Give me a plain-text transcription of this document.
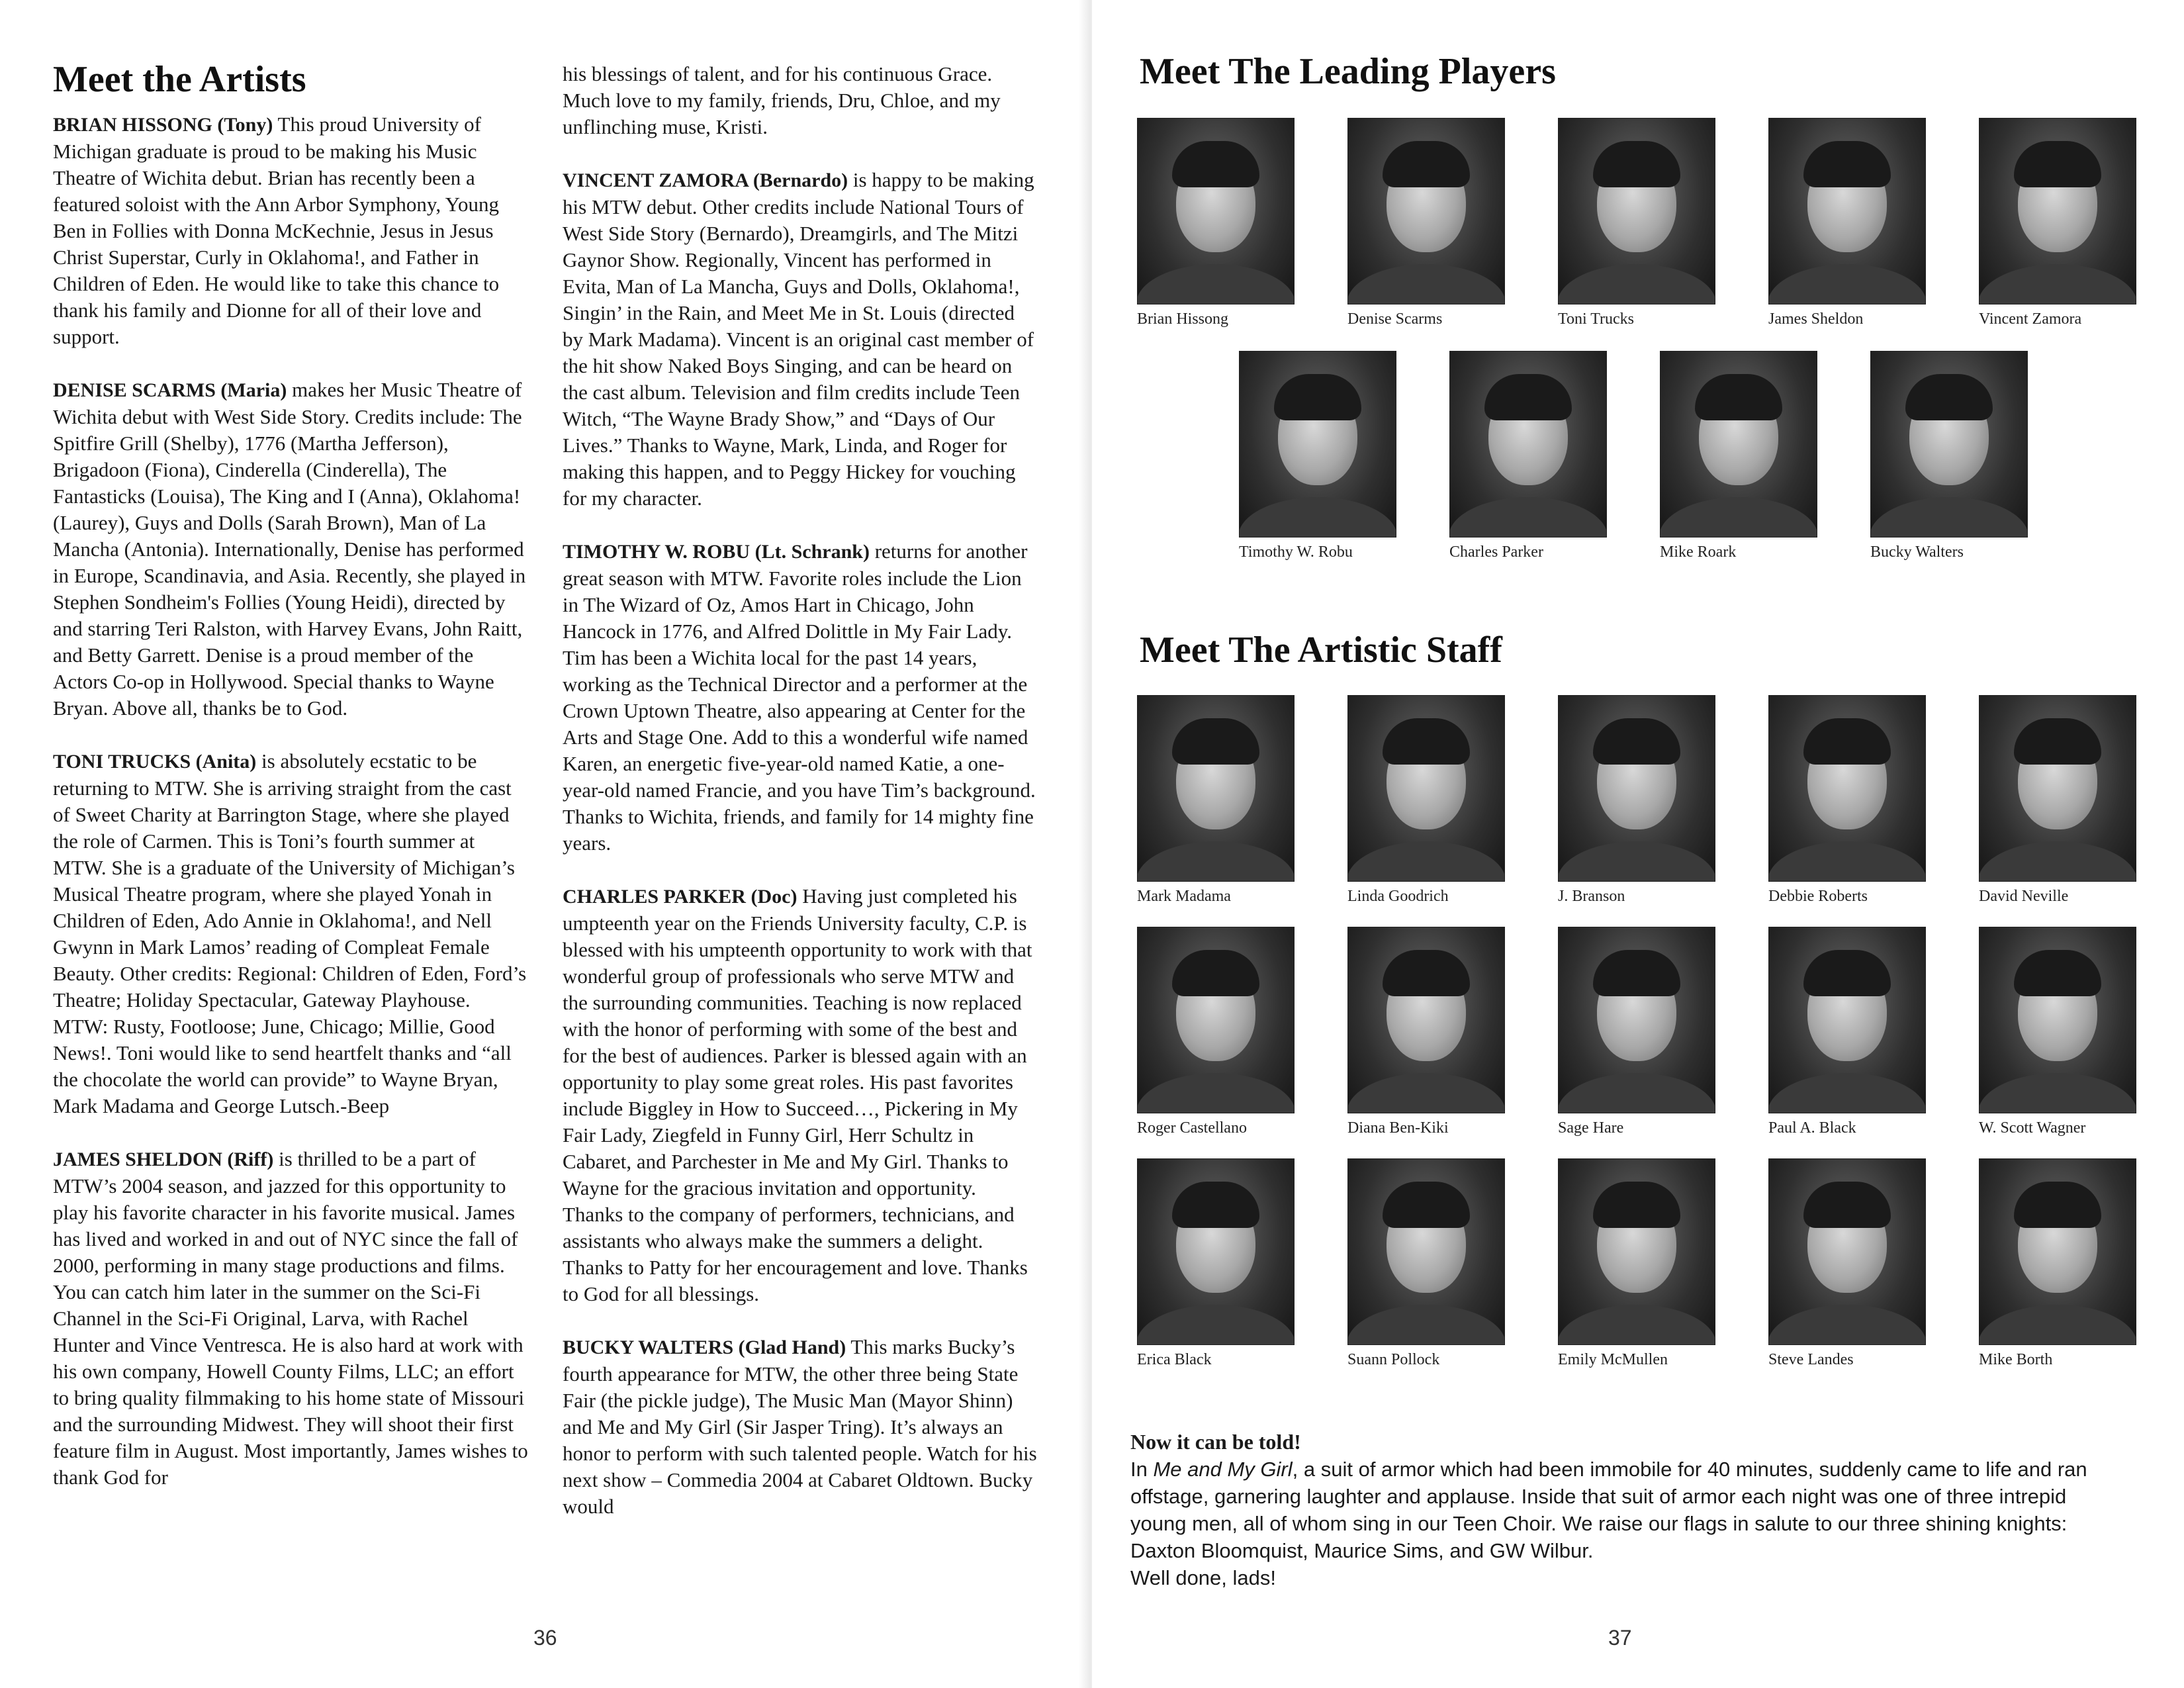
Meet the Artists

BRIAN HISSONG (Tony) This proud University of Michigan graduate is proud to be making his Music Theatre of Wichita debut. Brian has recently been a featured soloist with the Ann Arbor Symphony, Young Ben in Follies with Donna McKechnie, Jesus in Jesus Christ Superstar, Curly in Oklahoma!, and Father in Children of Eden. He would like to take this chance to thank his family and Dionne for all of their love and support.

DENISE SCARMS (Maria) makes her Music Theatre of Wichita debut with West Side Story. Credits include: The Spitfire Grill (Shelby), 1776 (Martha Jefferson), Brigadoon (Fiona), Cinderella (Cinderella), The Fantasticks (Louisa), The King and I (Anna), Oklahoma! (Laurey), Guys and Dolls (Sarah Brown), Man of La Mancha (Antonia). Internationally, Denise has performed in Europe, Scandinavia, and Asia. Recently, she played in Stephen Sondheim's Follies (Young Heidi), directed by and starring Teri Ralston, with Harvey Evans, John Raitt, and Betty Garrett. Denise is a proud member of the Actors Co-op in Hollywood. Special thanks to Wayne Bryan. Above all, thanks be to God.

TONI TRUCKS (Anita) is absolutely ecstatic to be returning to MTW. She is arriving straight from the cast of Sweet Charity at Barrington Stage, where she played the role of Carmen. This is Toni’s fourth summer at MTW. She is a graduate of the University of Michigan’s Musical Theatre program, where she played Yonah in Children of Eden, Ado Annie in Oklahoma!, and Nell Gwynn in Mark Lamos’ reading of Compleat Female Beauty. Other credits: Regional: Children of Eden, Ford’s Theatre; Holiday Spectacular, Gateway Playhouse. MTW: Rusty, Footloose; June, Chicago; Millie, Good News!. Toni would like to send heartfelt thanks and “all the chocolate the world can provide” to Wayne Bryan, Mark Madama and George Lutsch.-Beep

JAMES SHELDON (Riff) is thrilled to be a part of MTW’s 2004 season, and jazzed for this opportunity to play his favorite character in his favorite musical. James has lived and worked in and out of NYC since the fall of 2000, performing in many stage productions and films. You can catch him later in the summer on the Sci-Fi Channel in the Sci-Fi Original, Larva, with Rachel Hunter and Vince Ventresca. He is also hard at work with his own company, Howell County Films, LLC; an effort to bring quality filmmaking to his home state of Missouri and the surrounding Midwest. They will shoot their first feature film in August. Most importantly, James wishes to thank God for

his blessings of talent, and for his continuous Grace. Much love to my family, friends, Dru, Chloe, and my unflinching muse, Kristi.

VINCENT ZAMORA (Bernardo) is happy to be making his MTW debut. Other credits include National Tours of West Side Story (Bernardo), Dreamgirls, and The Mitzi Gaynor Show. Regionally, Vincent has performed in Evita, Man of La Mancha, Guys and Dolls, Oklahoma!, Singin’ in the Rain, and Meet Me in St. Louis (directed by Mark Madama). Vincent is an original cast member of the hit show Naked Boys Singing, and can be heard on the cast album. Television and film credits include Teen Witch, “The Wayne Brady Show,” and “Days of Our Lives.” Thanks to Wayne, Mark, Linda, and Roger for making this happen, and to Peggy Hickey for vouching for my character.

TIMOTHY W. ROBU (Lt. Schrank) returns for another great season with MTW. Favorite roles include the Lion in The Wizard of Oz, Amos Hart in Chicago, John Hancock in 1776, and Alfred Dolittle in My Fair Lady. Tim has been a Wichita local for the past 14 years, working as the Technical Director and a performer at the Crown Uptown Theatre, also appearing at Center for the Arts and Stage One. Add to this a wonderful wife named Karen, an energetic five-year-old named Katie, a one-year-old named Francie, and you have Tim’s background. Thanks to Wichita, friends, and family for 14 mighty fine years.

CHARLES PARKER (Doc) Having just completed his umpteenth year on the Friends University faculty, C.P. is blessed with his umpteenth opportunity to work with that wonderful group of professionals who serve MTW and the surrounding communities. Teaching is now replaced with the honor of performing with some of the best and for the best of audiences. Parker is blessed again with an opportunity to play some great roles. His past favorites include Biggley in How to Succeed…, Pickering in My Fair Lady, Ziegfeld in Funny Girl, Herr Schultz in Cabaret, and Parchester in Me and My Girl. Thanks to Wayne for the gracious invitation and opportunity. Thanks to the company of performers, technicians, and assistants who always make the summers a delight. Thanks to Patty for her encouragement and love. Thanks to God for all blessings.

BUCKY WALTERS (Glad Hand) This marks Bucky’s fourth appearance for MTW, the other three being State Fair (the pickle judge), The Music Man (Mayor Shinn) and Me and My Girl (Sir Jasper Tring). It’s always an honor to perform with such talented people. Watch for his next show – Commedia 2004 at Cabaret Oldtown. Bucky would

36
Meet The Leading Players
Brian Hissong	Denise Scarms	Toni Trucks	James Sheldon	Vincent Zamora
Timothy W. Robu	Charles Parker	Mike Roark	Bucky Walters
Meet The Artistic Staff
Mark Madama	Linda Goodrich	J. Branson	Debbie Roberts	David Neville
Roger Castellano	Diana Ben-Kiki	Sage Hare	Paul A. Black	W. Scott Wagner
Erica Black	Suann Pollock	Emily McMullen	Steve Landes	Mike Borth
37
Now it can be told!
In Me and My Girl, a suit of armor which had been immobile for 40 minutes, suddenly came to life and ran offstage, garnering laughter and applause. Inside that suit of armor each night was one of three intrepid young men, all of whom sing in our Teen Choir. We raise our flags in salute to our three shining knights: Daxton Bloomquist, Maurice Sims, and GW Wilbur.
Well done, lads!
